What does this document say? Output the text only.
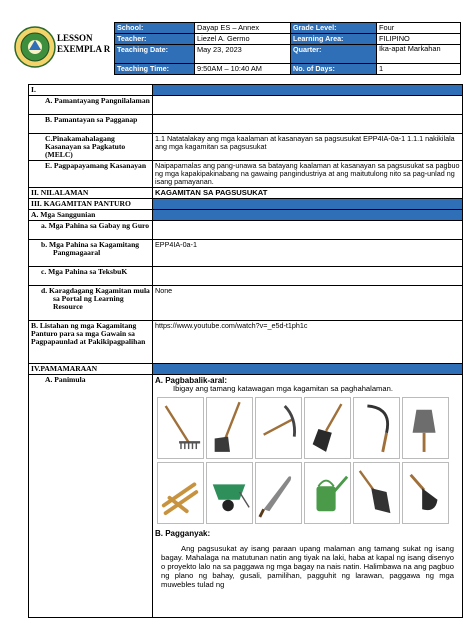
LESSON EXEMPLA R
School:	Dayap ES – Annex	Grade Level:	Four
Teacher:	Liezel A. Germo	Learning Area:	FILIPINO
Teaching Date:	May 23, 2023	Quarter:	Ika-apat Markahan
Teaching Time:	9:50AM – 10:40 AM	No. of Days:	1
I.	
A. Pamantayang Pangnilalaman	
B. Pamantayan sa Pagganap	
C.Pinakamahalagang Kasanayan sa Pagkatuto (MELC)	1.1 Natatalakay ang mga kaalaman at kasanayan sa pagsusukat EPP4IA-0a-1 1.1.1 nakikilala ang mga kagamitan sa pagsusukat
E. Pagpapayamang Kasanayan	Naipapamalas ang pang-unawa sa batayang kaalaman at kasanayan sa pagsusukat sa pagbuo ng mga kapakipakinabang na gawaing pangindustriya at ang maitutulong nito sa pag-unlad ng isang pamayanan.
II. NILALAMAN	KAGAMITAN SA PAGSUSUKAT
III. KAGAMITAN PANTURO	
A. Mga Sanggunian	

a. Mga Pahina sa Gabay ng Guro	

b. Mga Pahina sa Kagamitang Pangmagaaral	EPP4IA-0a-1

c. Mga Pahina sa TeksbuK	

d. Karagdagang Kagamitan mula sa Portal ng Learning Resource	None
B. Listahan ng mga Kagamitang Panturo para sa mga Gawain sa Pagpapaunlad at Pakikipagpalihan	https://www.youtube.com/watch?v=_e5d-t1ph1c
IV.PAMAMARAAN	
A. Panimula	A. Pagbabalik-aral:
Ibigay ang tamang katawagan mga kagamitan sa paghahalaman.
B. Pagganyak:
Ang pagsusukat ay isang paraan upang malaman ang tamang sukat ng isang bagay. Mahalaga na matutunan natin ang tiyak na laki, haba at kapal ng isang disenyo o proyekto lalo na sa paggawa ng mga bagay na nais natin. Halimbawa na ang pagbuo ng plano ng bahay, gusali, pamilihan, pagguhit ng larawan, paggawa ng mga muwebles tulad ng
